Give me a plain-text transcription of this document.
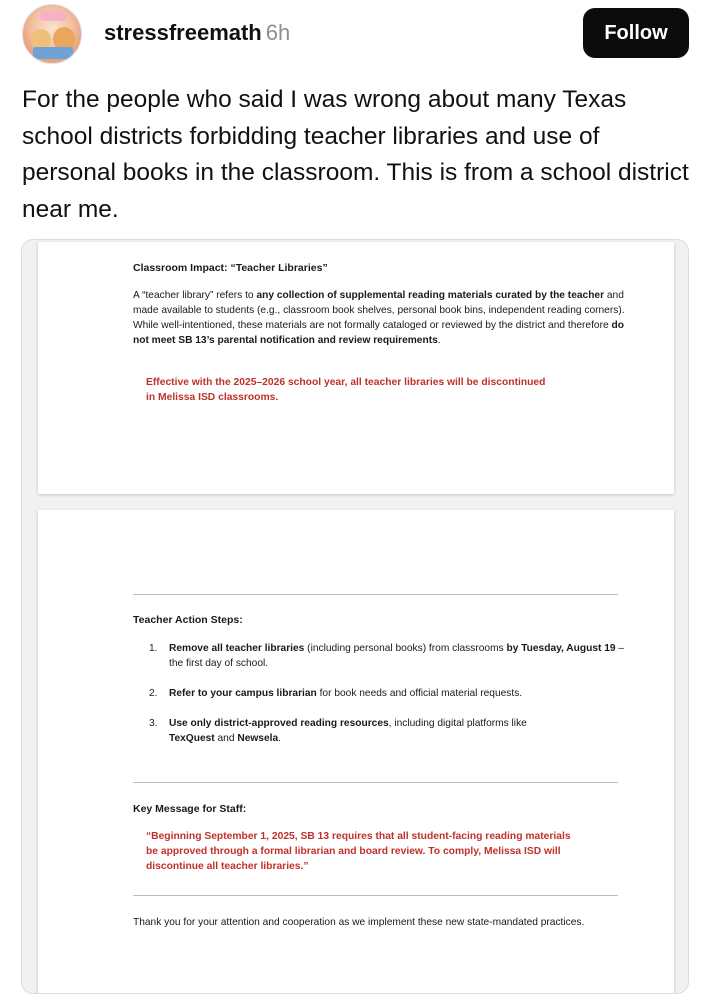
stressfreemath 6h	Follow
For the people who said I was wrong about many Texas school districts forbidding teacher libraries and use of personal books in the classroom. This is from a school district near me.
Classroom Impact: “Teacher Libraries”
A “teacher library” refers to any collection of supplemental reading materials curated by the teacher and made available to students (e.g., classroom book shelves, personal book bins, independent reading corners). While well-intentioned, these materials are not formally cataloged or reviewed by the district and therefore do not meet SB 13’s parental notification and review requirements.
Effective with the 2025–2026 school year, all teacher libraries will be discontinued in Melissa ISD classrooms.
Teacher Action Steps:
1. Remove all teacher libraries (including personal books) from classrooms by Tuesday, August 19 – the first day of school.
2. Refer to your campus librarian for book needs and official material requests.
3. Use only district-approved reading resources, including digital platforms like
TexQuest and Newsela.
Key Message for Staff:
“Beginning September 1, 2025, SB 13 requires that all student-facing reading materials be approved through a formal librarian and board review. To comply, Melissa ISD will discontinue all teacher libraries.”
Thank you for your attention and cooperation as we implement these new state-mandated practices.
